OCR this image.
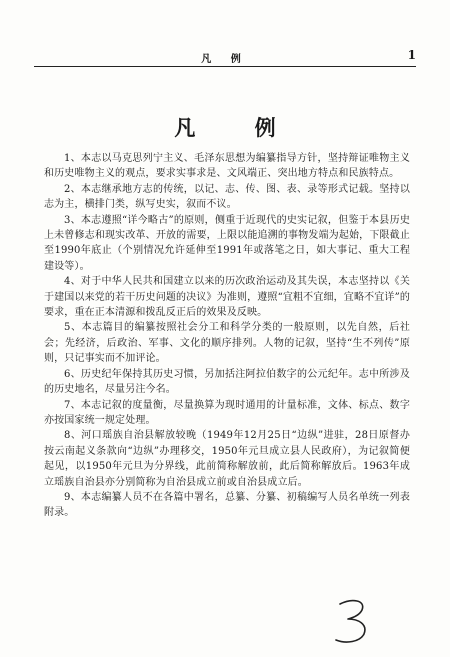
凡 例	1
凡 例

1、本志以马克思列宁主义、毛泽东思想为编纂指导方针，坚持辩证唯物主义和历史唯物主义的观点，要求实事求是、文风端正、突出地方特点和民族特点。

2、本志继承地方志的传统，以记、志、传、图、表、录等形式记载。坚持以志为主，横排门类，纵写史实，叙而不议。

3、本志遵照“详今略古”的原则，侧重于近现代的史实记叙，但鉴于本县历史上未曾修志和现实改革、开放的需要，上限以能追溯的事物发端为起始，下限截止至1990年底止（个别情况允许延伸至1991年或落笔之日，如大事记、重大工程建设等）。

4、对于中华人民共和国建立以来的历次政治运动及其失误，本志坚持以《关于建国以来党的若干历史问题的决议》为准则，遵照“宜粗不宜细，宜略不宜详”的要求，重在正本清源和拨乱反正后的效果及反映。

5、本志篇目的编纂按照社会分工和科学分类的一般原则，以先自然，后社会；先经济，后政治、军事、文化的顺序排列。人物的记叙，坚持“生不列传”原则，只记事实而不加评论。

6、历史纪年保持其历史习惯，另加括注阿拉伯数字的公元纪年。志中所涉及的历史地名，尽量另注今名。

7、本志记叙的度量衡，尽量换算为现时通用的计量标准，文体、标点、数字亦按国家统一规定处理。

8、河口瑶族自治县解放较晚（1949年12月25日“边纵”进驻，28日原督办按云南起义条款向“边纵”办理移交，1950年元旦成立县人民政府），为记叙简便起见，以1950年元旦为分界线，此前简称解放前，此后简称解放后。1963年成立瑶族自治县亦分别简称为自治县成立前或自治县成立后。

9、本志编纂人员不在各篇中署名，总纂、分纂、初稿编写人员名单统一列表附录。
